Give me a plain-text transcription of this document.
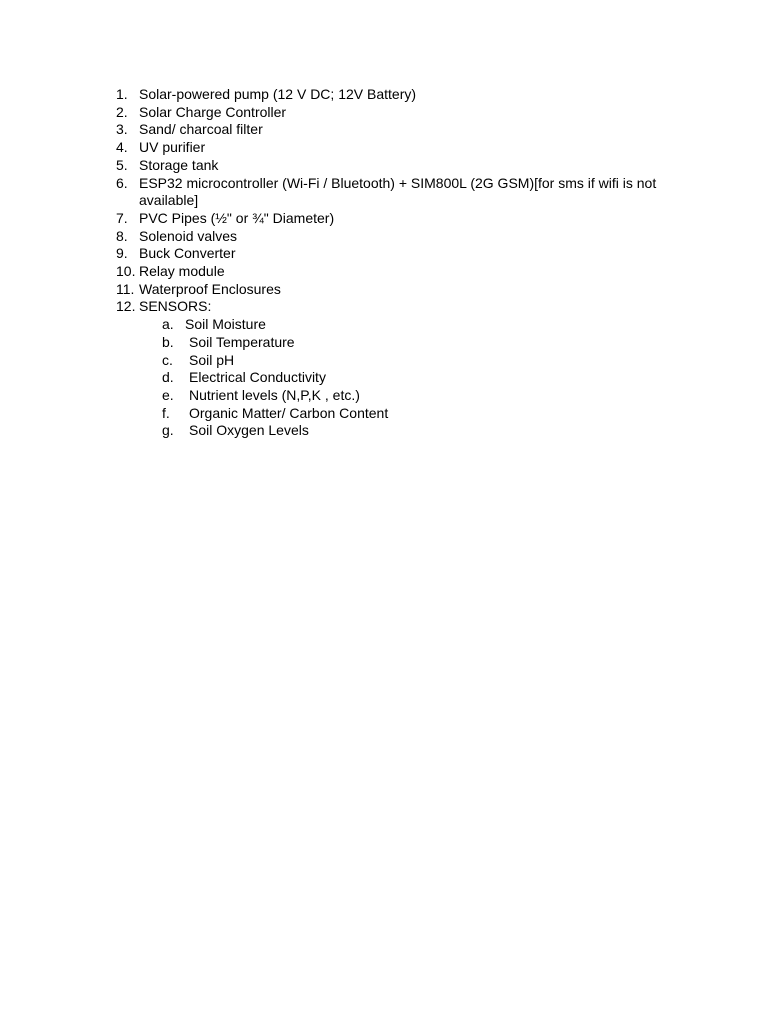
1. Solar-powered pump (12 V DC; 12V Battery)
2. Solar Charge Controller
3. Sand/ charcoal filter
4. UV purifier
5. Storage tank
6. ESP32 microcontroller (Wi-Fi / Bluetooth) + SIM800L (2G GSM)[for sms if wifi is not available]
7. PVC Pipes (½" or ¾" Diameter)
8. Solenoid valves
9. Buck Converter
10. Relay module
11. Waterproof Enclosures
12. SENSORS:
a. Soil Moisture
b.	Soil Temperature
c.	Soil pH
d.	Electrical Conductivity
e.	Nutrient levels (N,P,K , etc.)
f.	Organic Matter/ Carbon Content
g.	Soil Oxygen Levels
